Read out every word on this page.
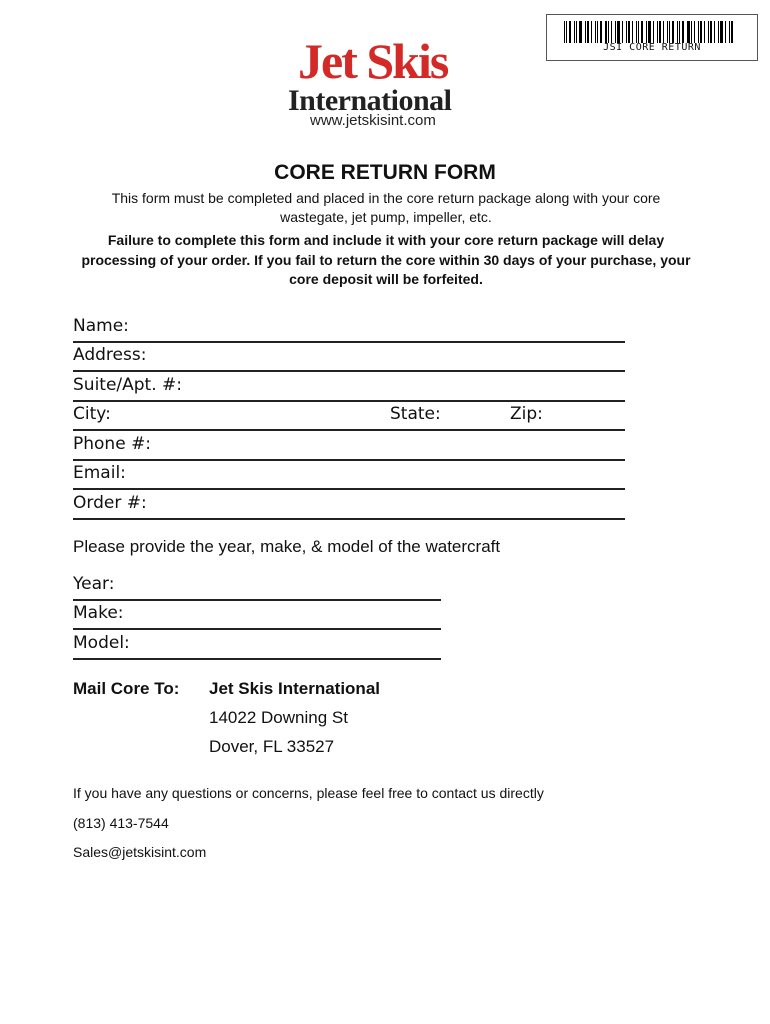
JSI CORE RETURN
Jet Skis
International
www.jetskisint.com
CORE RETURN FORM
This form must be completed and placed in the core return package along with your core wastegate, jet pump, impeller, etc.
Failure to complete this form and include it with your core return package will delay processing of your order. If you fail to return the core within 30 days of your purchase, your core deposit will be forfeited.
Name:
Address:
Suite/Apt. #:
City:	State:	Zip:
Phone #:
Email:
Order #:
Please provide the year, make, & model of the watercraft
Year:
Make:
Model:
Mail Core To: Jet Skis International
14022 Downing St
Dover, FL 33527
If you have any questions or concerns, please feel free to contact us directly
(813) 413-7544
Sales@jetskisint.com
